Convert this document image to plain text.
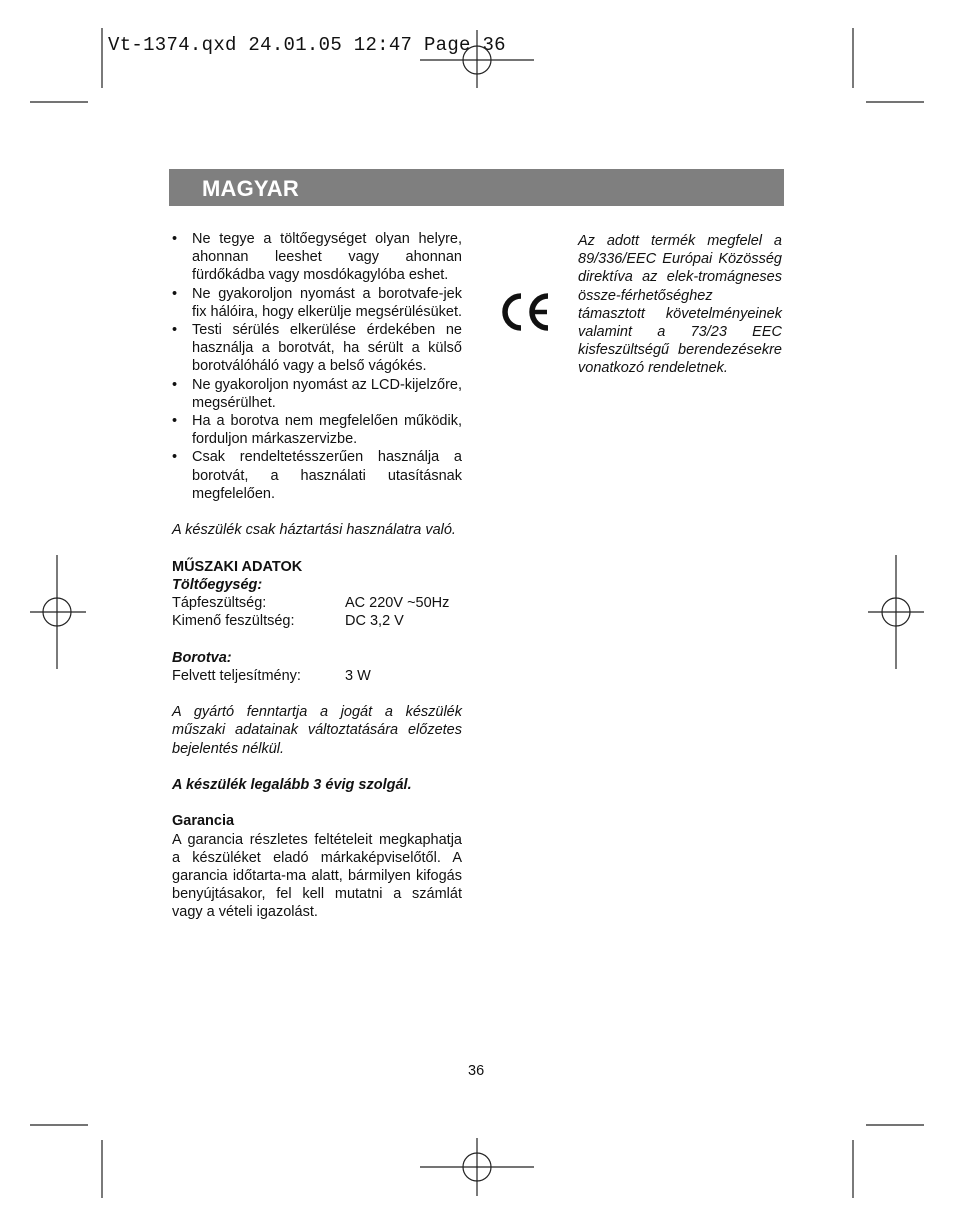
Vt-1374.qxd 24.01.05 12:47 Page 36
MAGYAR
• Ne tegye a töltőegységet olyan helyre, ahonnan leeshet vagy ahonnan fürdőkádba vagy mosdókagylóba eshet.
• Ne gyakoroljon nyomást a borotvafe-jek fix hálóira, hogy elkerülje megsérülésüket.
• Testi sérülés elkerülése érdekében ne használja a borotvát, ha sérült a külső borotválóháló vagy a belső vágókés.
• Ne gyakoroljon nyomást az LCD-kijelzőre, megsérülhet.
• Ha a borotva nem megfelelően működik, forduljon márkaszervizbe.
• Csak rendeltetésszerűen használja a borotvát, a használati utasításnak megfelelően.
A készülék csak háztartási használatra való.
MŰSZAKI ADATOK
Töltőegység:
Tápfeszültség:	AC 220V ~50Hz
Kimenő feszültség:	DC 3,2 V
Borotva:
Felvett teljesítmény:	3 W
A gyártó fenntartja a jogát a készülék műszaki adatainak változtatására előzetes bejelentés nélkül.
A készülék legalább 3 évig szolgál.
Garancia
A garancia részletes feltételeit megkaphatja a készüléket eladó márkaképviselőtől. A garancia időtarta-ma alatt, bármilyen kifogás benyújtásakor, fel kell mutatni a számlát vagy a vételi igazolást.
Az adott termék megfelel a 89/336/EEC Európai Közösség direktíva az elek-tromágneses össze-férhetőséghez támasztott követelményeinek valamint a 73/23 EEC kisfeszültségű berendezésekre vonatkozó rendeletnek.
36
